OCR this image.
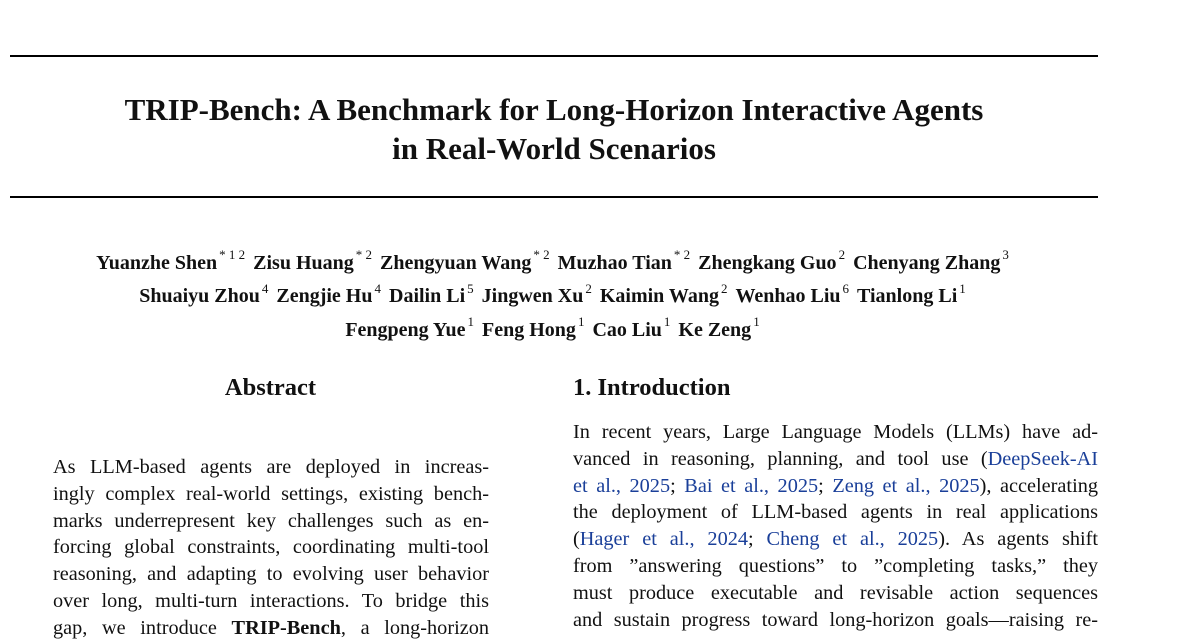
TRIP-Bench: A Benchmark for Long-Horizon Interactive Agents
in Real-World Scenarios
Yuanzhe Shen $^{* 1 2}$ Zisu Huang $^{* 2}$ Zhengyuan Wang $^{* 2}$ Muzhao Tian $^{* 2}$ Zhengkang Guo $^2$ Chenyang Zhang $^3$
Shuaiyu Zhou $^4$ Zengjie Hu $^4$ Dailin Li $^5$ Jingwen Xu $^2$ Kaimin Wang $^2$ Wenhao Liu $^6$ Tianlong Li $^1$
Fengpeng Yue $^1$ Feng Hong $^1$ Cao Liu $^1$ Ke Zeng $^1$
Abstract
As LLM-based agents are deployed in increas-
ingly complex real-world settings, existing bench-
marks underrepresent key challenges such as en-
forcing global constraints, coordinating multi-tool
reasoning, and adapting to evolving user behavior
over long, multi-turn interactions. To bridge this
gap, we introduce TRIP-Bench, a long-horizon
1. Introduction
In recent years, Large Language Models (LLMs) have ad-
vanced in reasoning, planning, and tool use (DeepSeek-AI
et al., 2025; Bai et al., 2025; Zeng et al., 2025), accelerating
the deployment of LLM-based agents in real applications
(Hager et al., 2024; Cheng et al., 2025). As agents shift
from ”answering questions” to ”completing tasks,” they
must produce executable and revisable action sequences
and sustain progress toward long-horizon goals—raising re-
